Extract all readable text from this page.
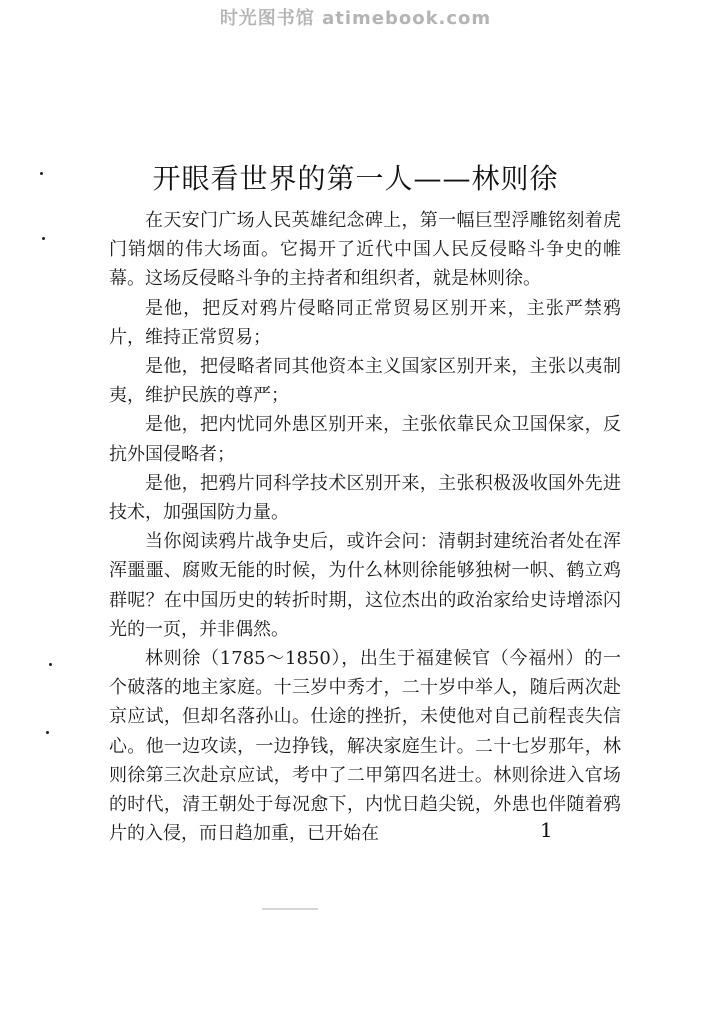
时光图书馆 atimebook.com
开眼看世界的第一人——林则徐

在天安门广场人民英雄纪念碑上，第一幅巨型浮雕铭刻着虎门销烟的伟大场面。它揭开了近代中国人民反侵略斗争史的帷幕。这场反侵略斗争的主持者和组织者，就是林则徐。

是他，把反对鸦片侵略同正常贸易区别开来，主张严禁鸦片，维持正常贸易；

是他，把侵略者同其他资本主义国家区别开来，主张以夷制夷，维护民族的尊严；

是他，把内忧同外患区别开来，主张依靠民众卫国保家，反抗外国侵略者；

是他，把鸦片同科学技术区别开来，主张积极汲收国外先进技术，加强国防力量。

当你阅读鸦片战争史后，或许会问：清朝封建统治者处在浑浑噩噩、腐败无能的时候，为什么林则徐能够独树一帜、鹤立鸡群呢？在中国历史的转折时期，这位杰出的政治家给史诗增添闪光的一页，并非偶然。

林则徐（1785～1850），出生于福建候官（今福州）的一个破落的地主家庭。十三岁中秀才，二十岁中举人，随后两次赴京应试，但却名落孙山。仕途的挫折，未使他对自己前程丧失信心。他一边攻读，一边挣钱，解决家庭生计。二十七岁那年，林则徐第三次赴京应试，考中了二甲第四名进士。林则徐进入官场的时代，清王朝处于每况愈下，内忧日趋尖锐，外患也伴随着鸦片的入侵，而日趋加重，已开始在	1
